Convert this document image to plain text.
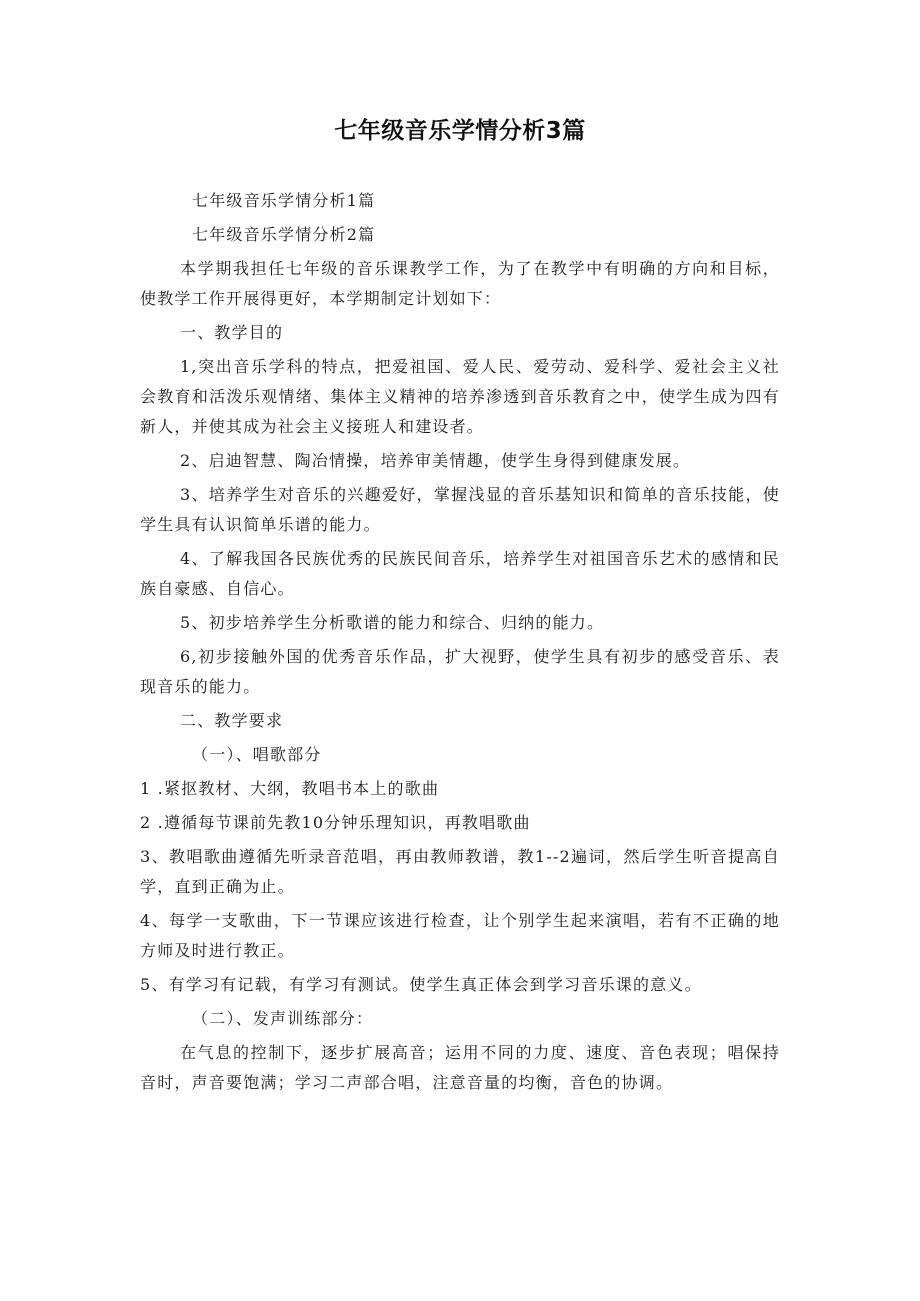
七年级音乐学情分析3篇

七年级音乐学情分析1篇

七年级音乐学情分析2篇

本学期我担任七年级的音乐课教学工作，为了在教学中有明确的方向和目标，使教学工作开展得更好，本学期制定计划如下：

一、教学目的

1,突出音乐学科的特点，把爱祖国、爱人民、爱劳动、爱科学、爱社会主义社会教育和活泼乐观情绪、集体主义精神的培养渗透到音乐教育之中，使学生成为四有新人，并使其成为社会主义接班人和建设者。

2、启迪智慧、陶冶情操，培养审美情趣，使学生身得到健康发展。

3、培养学生对音乐的兴趣爱好，掌握浅显的音乐基知识和简单的音乐技能，使学生具有认识简单乐谱的能力。

4、了解我国各民族优秀的民族民间音乐，培养学生对祖国音乐艺术的感情和民族自豪感、自信心。

5、初步培养学生分析歌谱的能力和综合、归纳的能力。

6,初步接触外国的优秀音乐作品，扩大视野，使学生具有初步的感受音乐、表现音乐的能力。

二、教学要求

（一）、唱歌部分

1 .紧抠教材、大纲，教唱书本上的歌曲

2 .遵循每节课前先教10分钟乐理知识，再教唱歌曲

3、教唱歌曲遵循先听录音范唱，再由教师教谱，教1--2遍词，然后学生听音提高自学，直到正确为止。

4、每学一支歌曲，下一节课应该进行检查，让个别学生起来演唱，若有不正确的地方师及时进行教正。

5、有学习有记载，有学习有测试。使学生真正体会到学习音乐课的意义。

（二）、发声训练部分：

在气息的控制下，逐步扩展高音；运用不同的力度、速度、音色表现；唱保持音时，声音要饱满；学习二声部合唱，注意音量的均衡，音色的协调。
